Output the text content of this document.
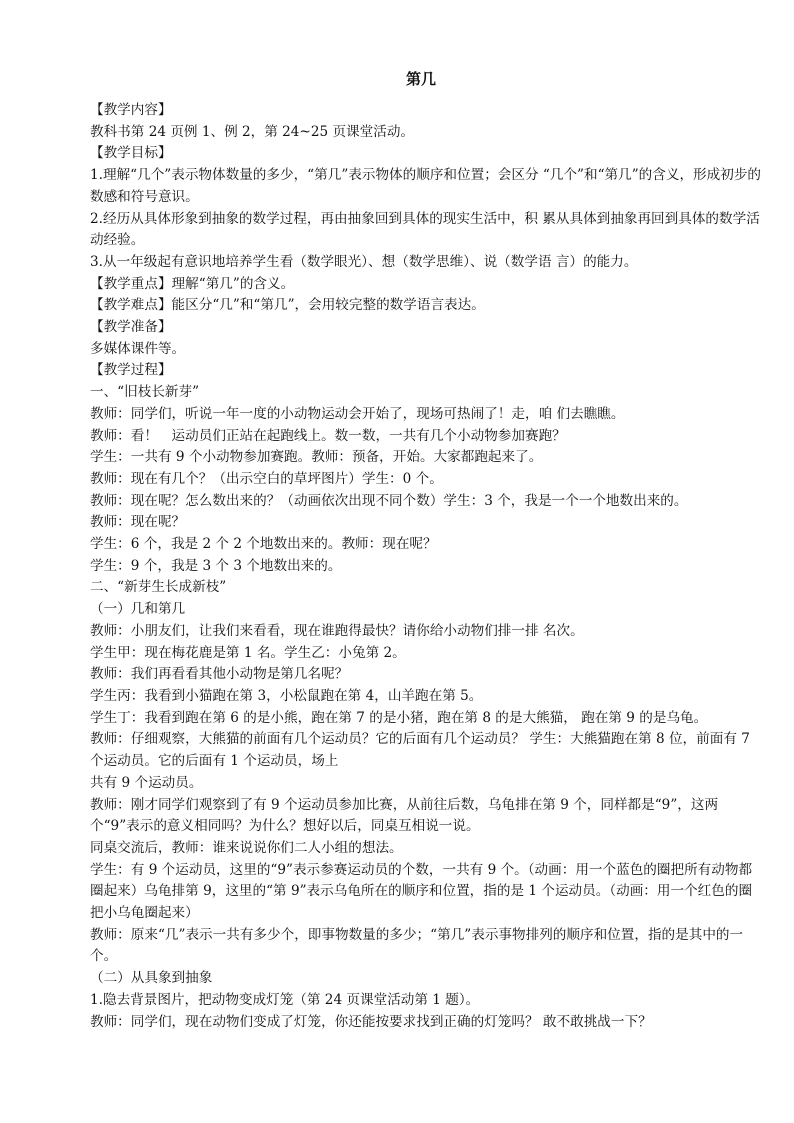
第几

【教学内容】

教科书第 24 页例 1、例 2，第 24~25 页课堂活动。

【教学目标】

1.理解“几个”表示物体数量的多少，“第几”表示物体的顺序和位置；会区分 “几个”和“第几”的含义，形成初步的数感和符号意识。

2.经历从具体形象到抽象的数学过程，再由抽象回到具体的现实生活中，积 累从具体到抽象再回到具体的数学活动经验。

3.从一年级起有意识地培养学生看（数学眼光）、想（数学思维）、说（数学语 言）的能力。

【教学重点】理解“第几”的含义。

【教学难点】能区分“几”和“第几”，会用较完整的数学语言表达。

【教学准备】

多媒体课件等。

【教学过程】

一、“旧枝长新芽”

教师：同学们，听说一年一度的小动物运动会开始了，现场可热闹了！走，咱 们去瞧瞧。

教师：看！　运动员们正站在起跑线上。数一数，一共有几个小动物参加赛跑？

学生：一共有 9 个小动物参加赛跑。教师：预备，开始。大家都跑起来了。

教师：现在有几个？（出示空白的草坪图片）学生：0 个。

教师：现在呢？怎么数出来的？（动画依次出现不同个数）学生：3 个，我是一个一个地数出来的。

教师：现在呢？

学生：6 个，我是 2 个 2 个地数出来的。教师：现在呢？

学生：9 个，我是 3 个 3 个地数出来的。

二、“新芽生长成新枝”

（一）几和第几

教师：小朋友们，让我们来看看，现在谁跑得最快？请你给小动物们排一排 名次。

学生甲：现在梅花鹿是第 1 名。学生乙：小兔第 2。

教师：我们再看看其他小动物是第几名呢？

学生丙：我看到小猫跑在第 3，小松鼠跑在第 4，山羊跑在第 5。

学生丁：我看到跑在第 6 的是小熊，跑在第 7 的是小猪，跑在第 8 的是大熊猫， 跑在第 9 的是乌龟。

教师：仔细观察，大熊猫的前面有几个运动员？它的后面有几个运动员？ 学生：大熊猫跑在第 8 位，前面有 7 个运动员。它的后面有 1 个运动员，场上

共有 9 个运动员。

教师：刚才同学们观察到了有 9 个运动员参加比赛，从前往后数，乌龟排在第 9 个，同样都是“9”，这两个“9”表示的意义相同吗？为什么？想好以后，同桌互相说一说。

同桌交流后，教师：谁来说说你们二人小组的想法。

学生：有 9 个运动员，这里的“9”表示参赛运动员的个数，一共有 9 个。（动画：用一个蓝色的圈把所有动物都圈起来）乌龟排第 9，这里的“第 9”表示乌龟所在的顺序和位置，指的是 1 个运动员。（动画：用一个红色的圈把小乌龟圈起来）

教师：原来“几”表示一共有多少个，即事物数量的多少；“第几”表示事物排列的顺序和位置，指的是其中的一个。

（二）从具象到抽象

1.隐去背景图片，把动物变成灯笼（第 24 页课堂活动第 1 题）。

教师：同学们，现在动物们变成了灯笼，你还能按要求找到正确的灯笼吗？ 敢不敢挑战一下？
